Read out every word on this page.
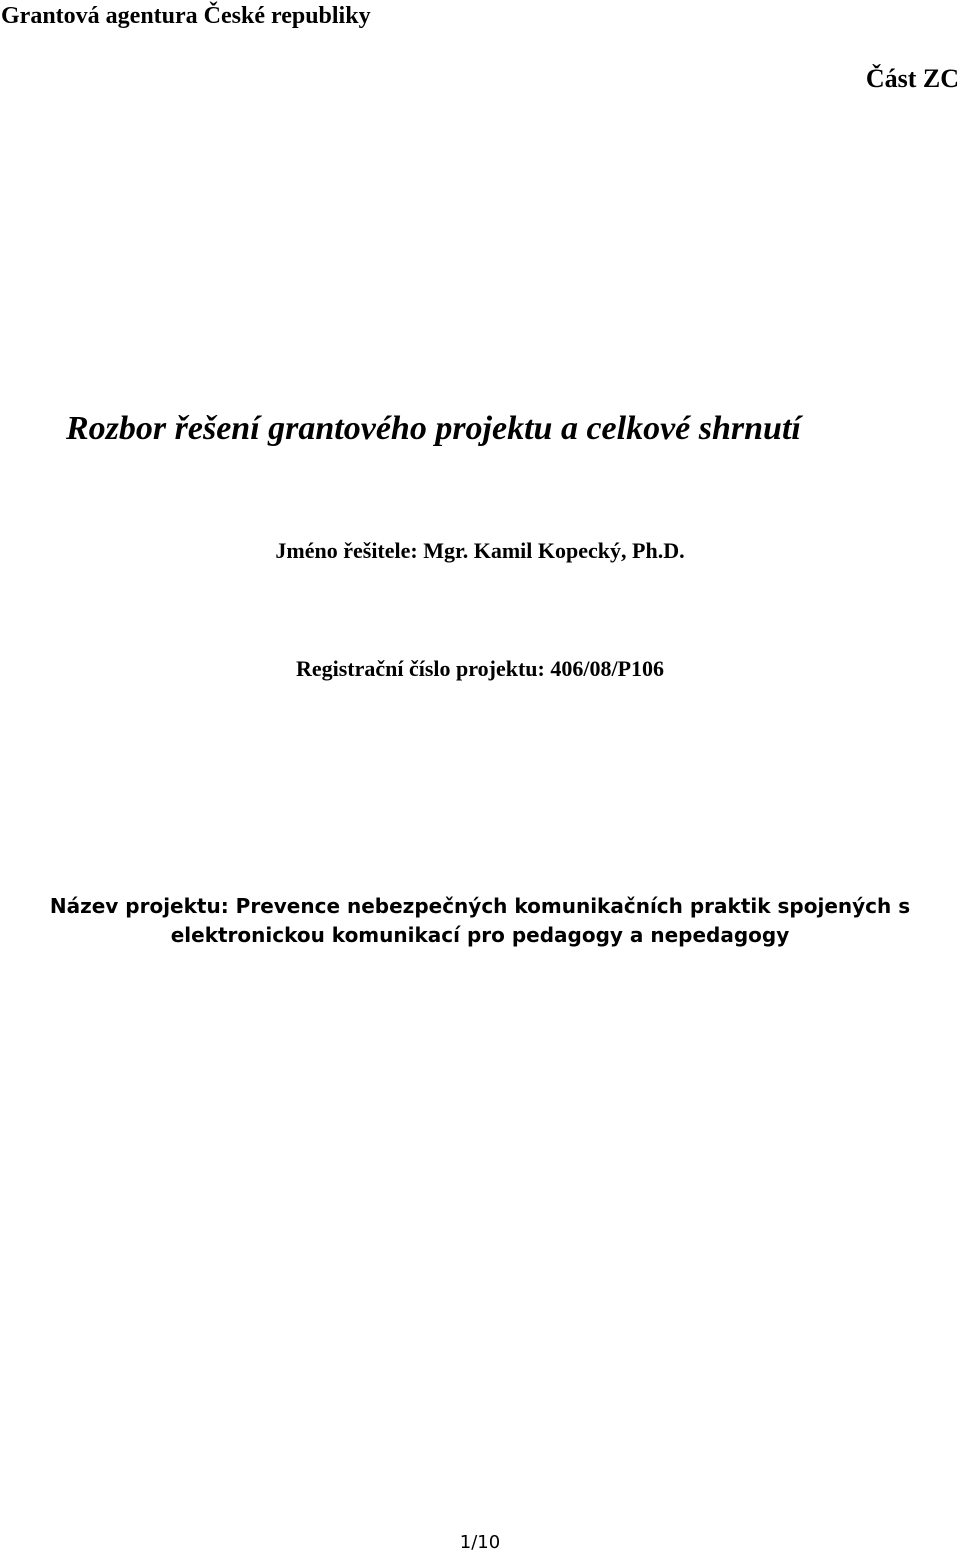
Grantová agentura České republiky
Část ZC
Rozbor řešení grantového projektu a celkové shrnutí
Jméno řešitele: Mgr. Kamil Kopecký, Ph.D.
Registrační číslo projektu: 406/08/P106
Název projektu: Prevence nebezpečných komunikačních praktik spojených s
elektronickou komunikací pro pedagogy a nepedagogy
1/10
